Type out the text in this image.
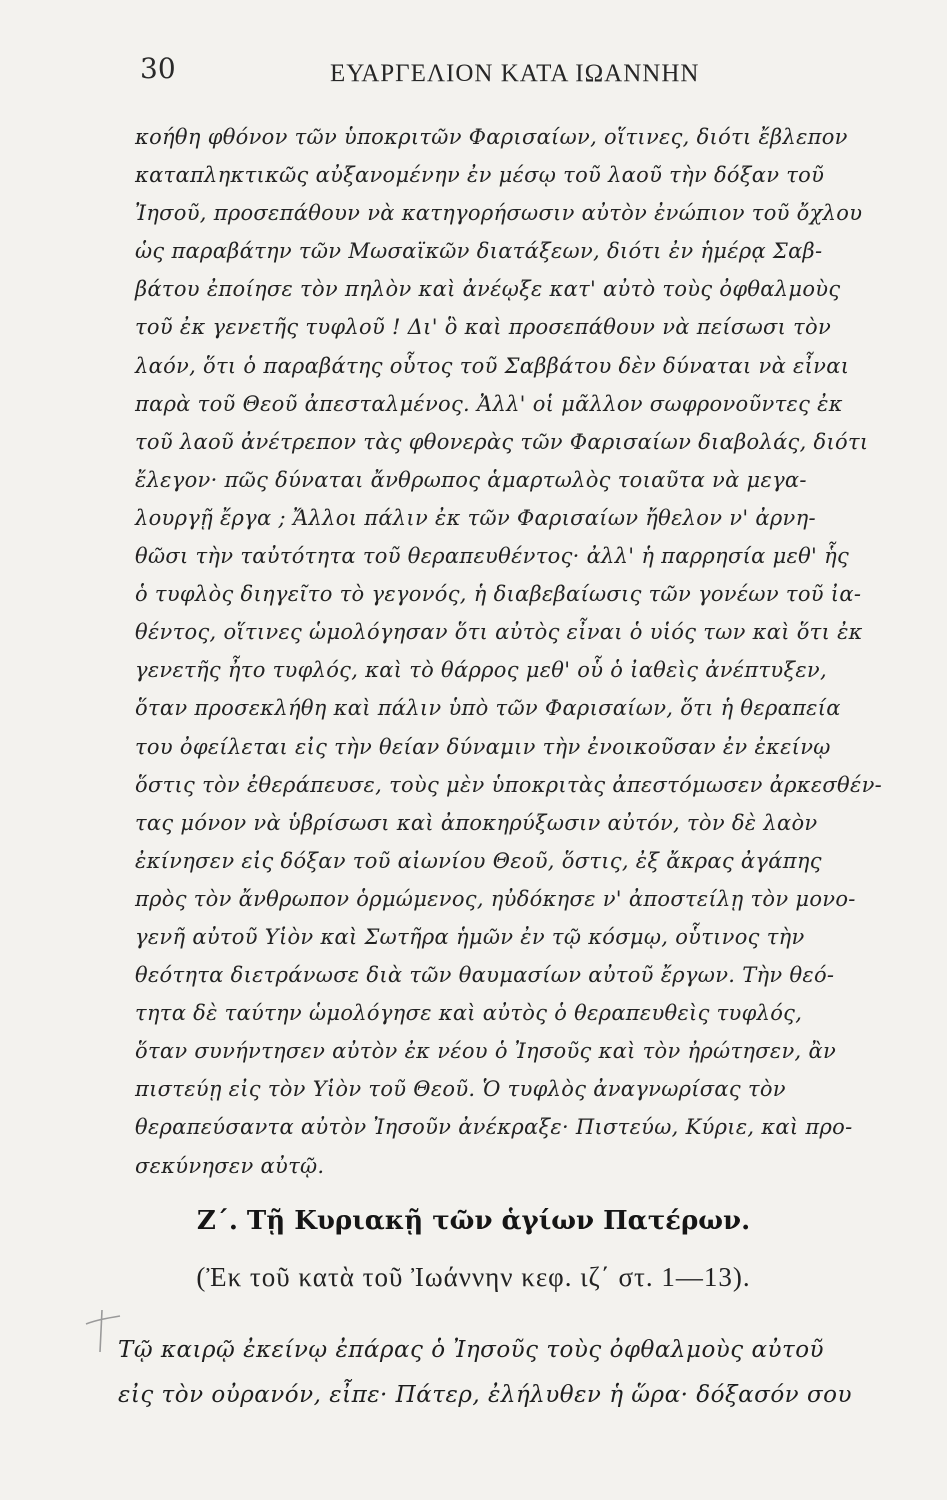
30	ΕΥΑΡΓΕΛΙΟΝ ΚΑΤΑ ΙΩΑΝΝΗΝ
κοήθη φθόνον τῶν ὑποκριτῶν Φαρισαίων, οἵτινες, διότι ἔβλεπον
καταπληκτικῶς αὐξανομένην ἐν μέσῳ τοῦ λαοῦ τὴν δόξαν τοῦ
Ἰησοῦ, προσεπάθουν νὰ κατηγορήσωσιν αὐτὸν ἐνώπιον τοῦ ὄχλου
ὡς παραβάτην τῶν Μωσαϊκῶν διατάξεων, διότι ἐν ἡμέρᾳ Σαβ-
βάτου ἐποίησε τὸν πηλὸν καὶ ἀνέῳξε κατ' αὐτὸ τοὺς ὀφθαλμοὺς
τοῦ ἐκ γενετῆς τυφλοῦ ! Δι' ὃ καὶ προσεπάθουν νὰ πείσωσι τὸν
λαόν, ὅτι ὁ παραβάτης οὗτος τοῦ Σαββάτου δὲν δύναται νὰ εἶναι
παρὰ τοῦ Θεοῦ ἀπεσταλμένος. Ἀλλ' οἱ μᾶλλον σωφρονοῦντες ἐκ
τοῦ λαοῦ ἀνέτρεπον τὰς φθονερὰς τῶν Φαρισαίων διαβολάς, διότι
ἔλεγον· πῶς δύναται ἄνθρωπος ἁμαρτωλὸς τοιαῦτα νὰ μεγα-
λουργῇ ἔργα ; Ἄλλοι πάλιν ἐκ τῶν Φαρισαίων ἤθελον ν' ἀρνη-
θῶσι τὴν ταὐτότητα τοῦ θεραπευθέντος· ἀλλ' ἡ παρρησία μεθ' ἧς
ὁ τυφλὸς διηγεῖτο τὸ γεγονός, ἡ διαβεβαίωσις τῶν γονέων τοῦ ἰα-
θέντος, οἵτινες ὡμολόγησαν ὅτι αὐτὸς εἶναι ὁ υἱός των καὶ ὅτι ἐκ
γενετῆς ἦτο τυφλός, καὶ τὸ θάρρος μεθ' οὗ ὁ ἰαθεὶς ἀνέπτυξεν,
ὅταν προσεκλήθη καὶ πάλιν ὑπὸ τῶν Φαρισαίων, ὅτι ἡ θεραπεία
του ὀφείλεται εἰς τὴν θείαν δύναμιν τὴν ἐνοικοῦσαν ἐν ἐκείνῳ
ὅστις τὸν ἐθεράπευσε, τοὺς μὲν ὑποκριτὰς ἀπεστόμωσεν ἀρκεσθέν-
τας μόνον νὰ ὑβρίσωσι καὶ ἀποκηρύξωσιν αὐτόν, τὸν δὲ λαὸν
ἐκίνησεν εἰς δόξαν τοῦ αἰωνίου Θεοῦ, ὅστις, ἐξ ἄκρας ἀγάπης
πρὸς τὸν ἄνθρωπον ὁρμώμενος, ηὐδόκησε ν' ἀποστείλῃ τὸν μονο-
γενῆ αὐτοῦ Υἱὸν καὶ Σωτῆρα ἡμῶν ἐν τῷ κόσμῳ, οὗτινος τὴν
θεότητα διετράνωσε διὰ τῶν θαυμασίων αὐτοῦ ἔργων. Τὴν θεό-
τητα δὲ ταύτην ὡμολόγησε καὶ αὐτὸς ὁ θεραπευθεὶς τυφλός,
ὅταν συνήντησεν αὐτὸν ἐκ νέου ὁ Ἰησοῦς καὶ τὸν ἠρώτησεν, ἂν
πιστεύῃ εἰς τὸν Υἱὸν τοῦ Θεοῦ. Ὁ τυφλὸς ἀναγνωρίσας τὸν
θεραπεύσαντα αὐτὸν Ἰησοῦν ἀνέκραξε· Πιστεύω, Κύριε, καὶ προ-
σεκύνησεν αὐτῷ.
Ζ΄. Τῇ Κυριακῇ τῶν ἁγίων Πατέρων.
(Ἐκ τοῦ κατὰ τοῦ Ἰωάννην κεφ. ιζ΄ στ. 1—13).
Τῷ καιρῷ ἐκείνῳ ἐπάρας ὁ Ἰησοῦς τοὺς ὀφθαλμοὺς αὐτοῦ
εἰς τὸν οὐρανόν, εἶπε· Πάτερ, ἐλήλυθεν ἡ ὥρα· δόξασόν σου
